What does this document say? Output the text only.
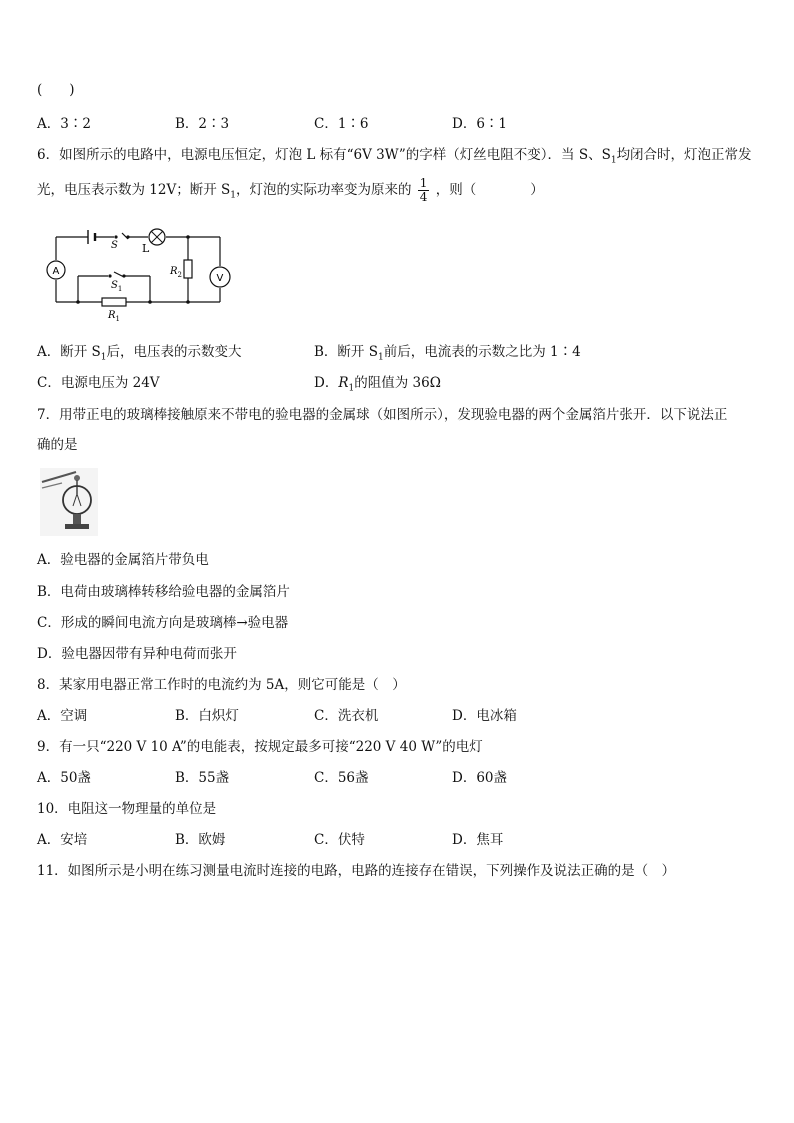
(　　)
A．3∶2	B．2∶3	C．1∶6	D．6∶1
6．如图所示的电路中，电源电压恒定，灯泡 L 标有“6V 3W”的字样（灯丝电阻不变）．当 S、$S_1$均闭合时，灯泡正常发
光，电压表示数为 12V；断开 $S_1$，灯泡的实际功率变为原来的 $\frac{1}{4}$ ，则（　　　　）
S L
A
V
$R_2$
$S_1$
$R_1$
A．断开 $S_1$后，电压表的示数变大	B．断开 $S_1$前后，电流表的示数之比为 1∶4
C．电源电压为 24V	D．$R_1$的阻值为 36Ω
7．用带正电的玻璃棒接触原来不带电的验电器的金属球（如图所示），发现验电器的两个金属箔片张开．以下说法正
确的是
A．验电器的金属箔片带负电
B．电荷由玻璃棒转移给验电器的金属箔片
C．形成的瞬间电流方向是玻璃棒→验电器
D．验电器因带有异种电荷而张开
8．某家用电器正常工作时的电流约为 5A，则它可能是（　）
A．空调	B．白炽灯	C．洗衣机	D．电冰箱
9．有一只“220 V 10 A”的电能表，按规定最多可接“220 V 40 W”的电灯
A．50盏	B．55盏	C．56盏	D．60盏
10．电阻这一物理量的单位是
A．安培	B．欧姆	C．伏特	D．焦耳
11．如图所示是小明在练习测量电流时连接的电路，电路的连接存在错误，下列操作及说法正确的是（　）
